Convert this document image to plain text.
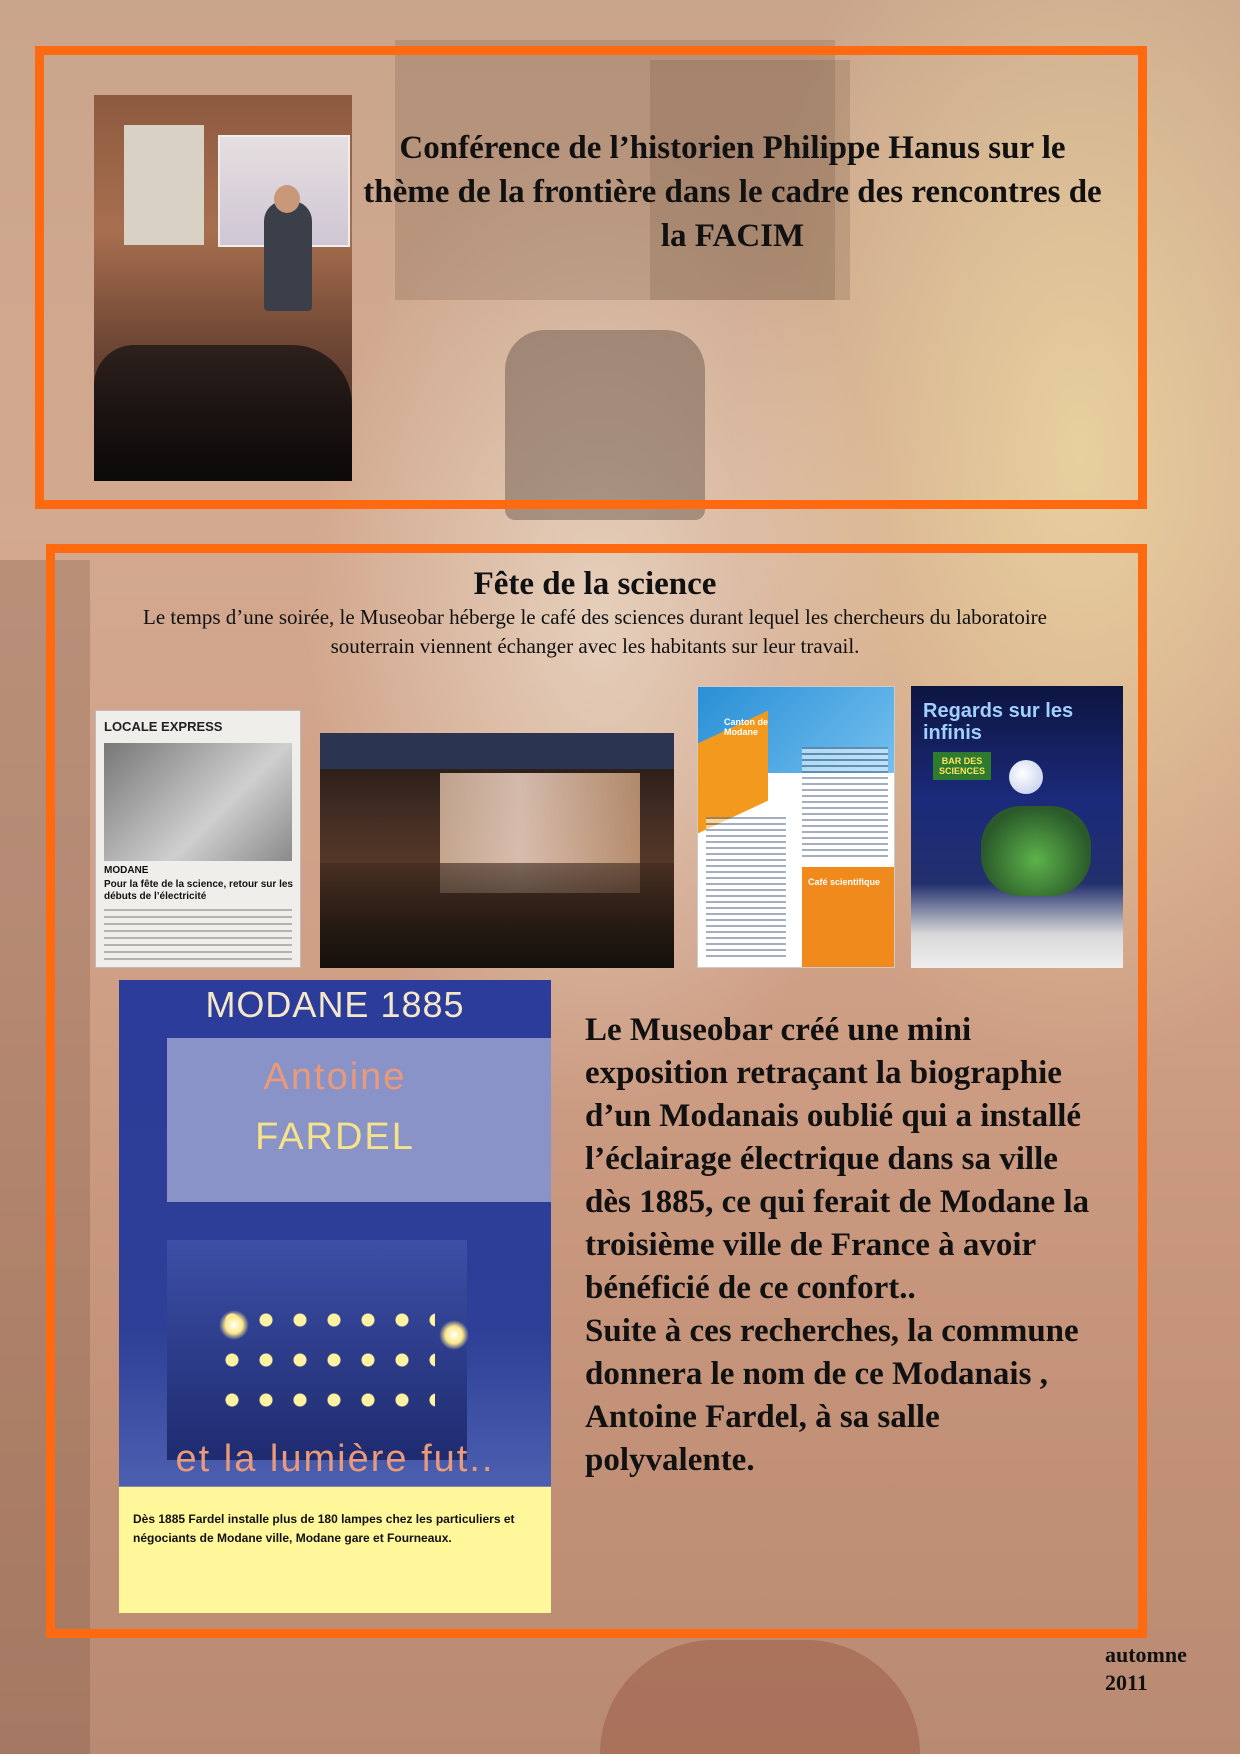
Conférence de l’historien Philippe Hanus sur le thème de la frontière dans le cadre des rencontres de la FACIM
Fête de la science
Le temps d’une soirée, le Museobar héberge le café des sciences durant lequel les chercheurs du laboratoire souterrain viennent échanger avec les habitants sur leur travail.
LOCALE EXPRESS
MODANE
Pour la fête de la science, retour sur les débuts de l’électricité
Canton de Modane
Café scientifique
Regards sur les infinis
BAR DES SCIENCES
MODANE 1885
Antoine
FARDEL
et la lumière fut..
Dès 1885 Fardel installe plus de 180 lampes chez les particuliers et négociants de Modane ville, Modane gare et Fourneaux.
Le Museobar créé une mini exposition retraçant la biographie d’un Modanais oublié qui a installé l’éclairage électrique dans sa ville dès 1885, ce qui ferait de Modane la troisième ville de France à avoir bénéficié de ce confort..
Suite à ces recherches, la commune donnera le nom de ce Modanais , Antoine Fardel, à sa salle polyvalente.
automne
2011
